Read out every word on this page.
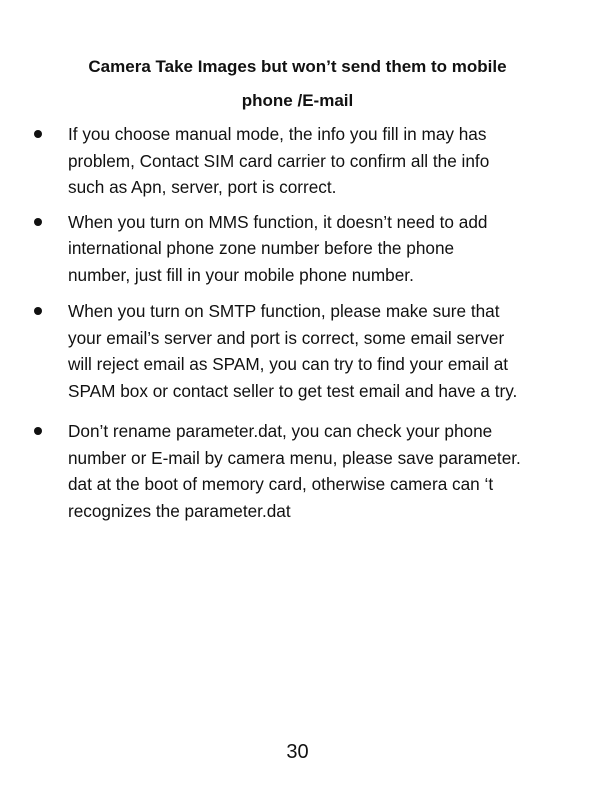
Camera Take Images but won’t send them to mobile
phone /E-mail
If you choose manual mode, the info you fill in may has
problem, Contact SIM card carrier to confirm all the info
such as Apn, server, port is correct.
When you turn on MMS function, it doesn’t need to add
international phone zone number before the phone
number, just fill in your mobile phone number.
When you turn on SMTP function, please make sure that
your email’s server and port is correct, some email server
will reject email as SPAM, you can try to find your email at
SPAM box or contact seller to get test email and have a try.
Don’t rename parameter.dat, you can check your phone
number or E-mail by camera menu, please save parameter.
dat at the boot of memory card, otherwise camera can ‘t
recognizes the parameter.dat
30
